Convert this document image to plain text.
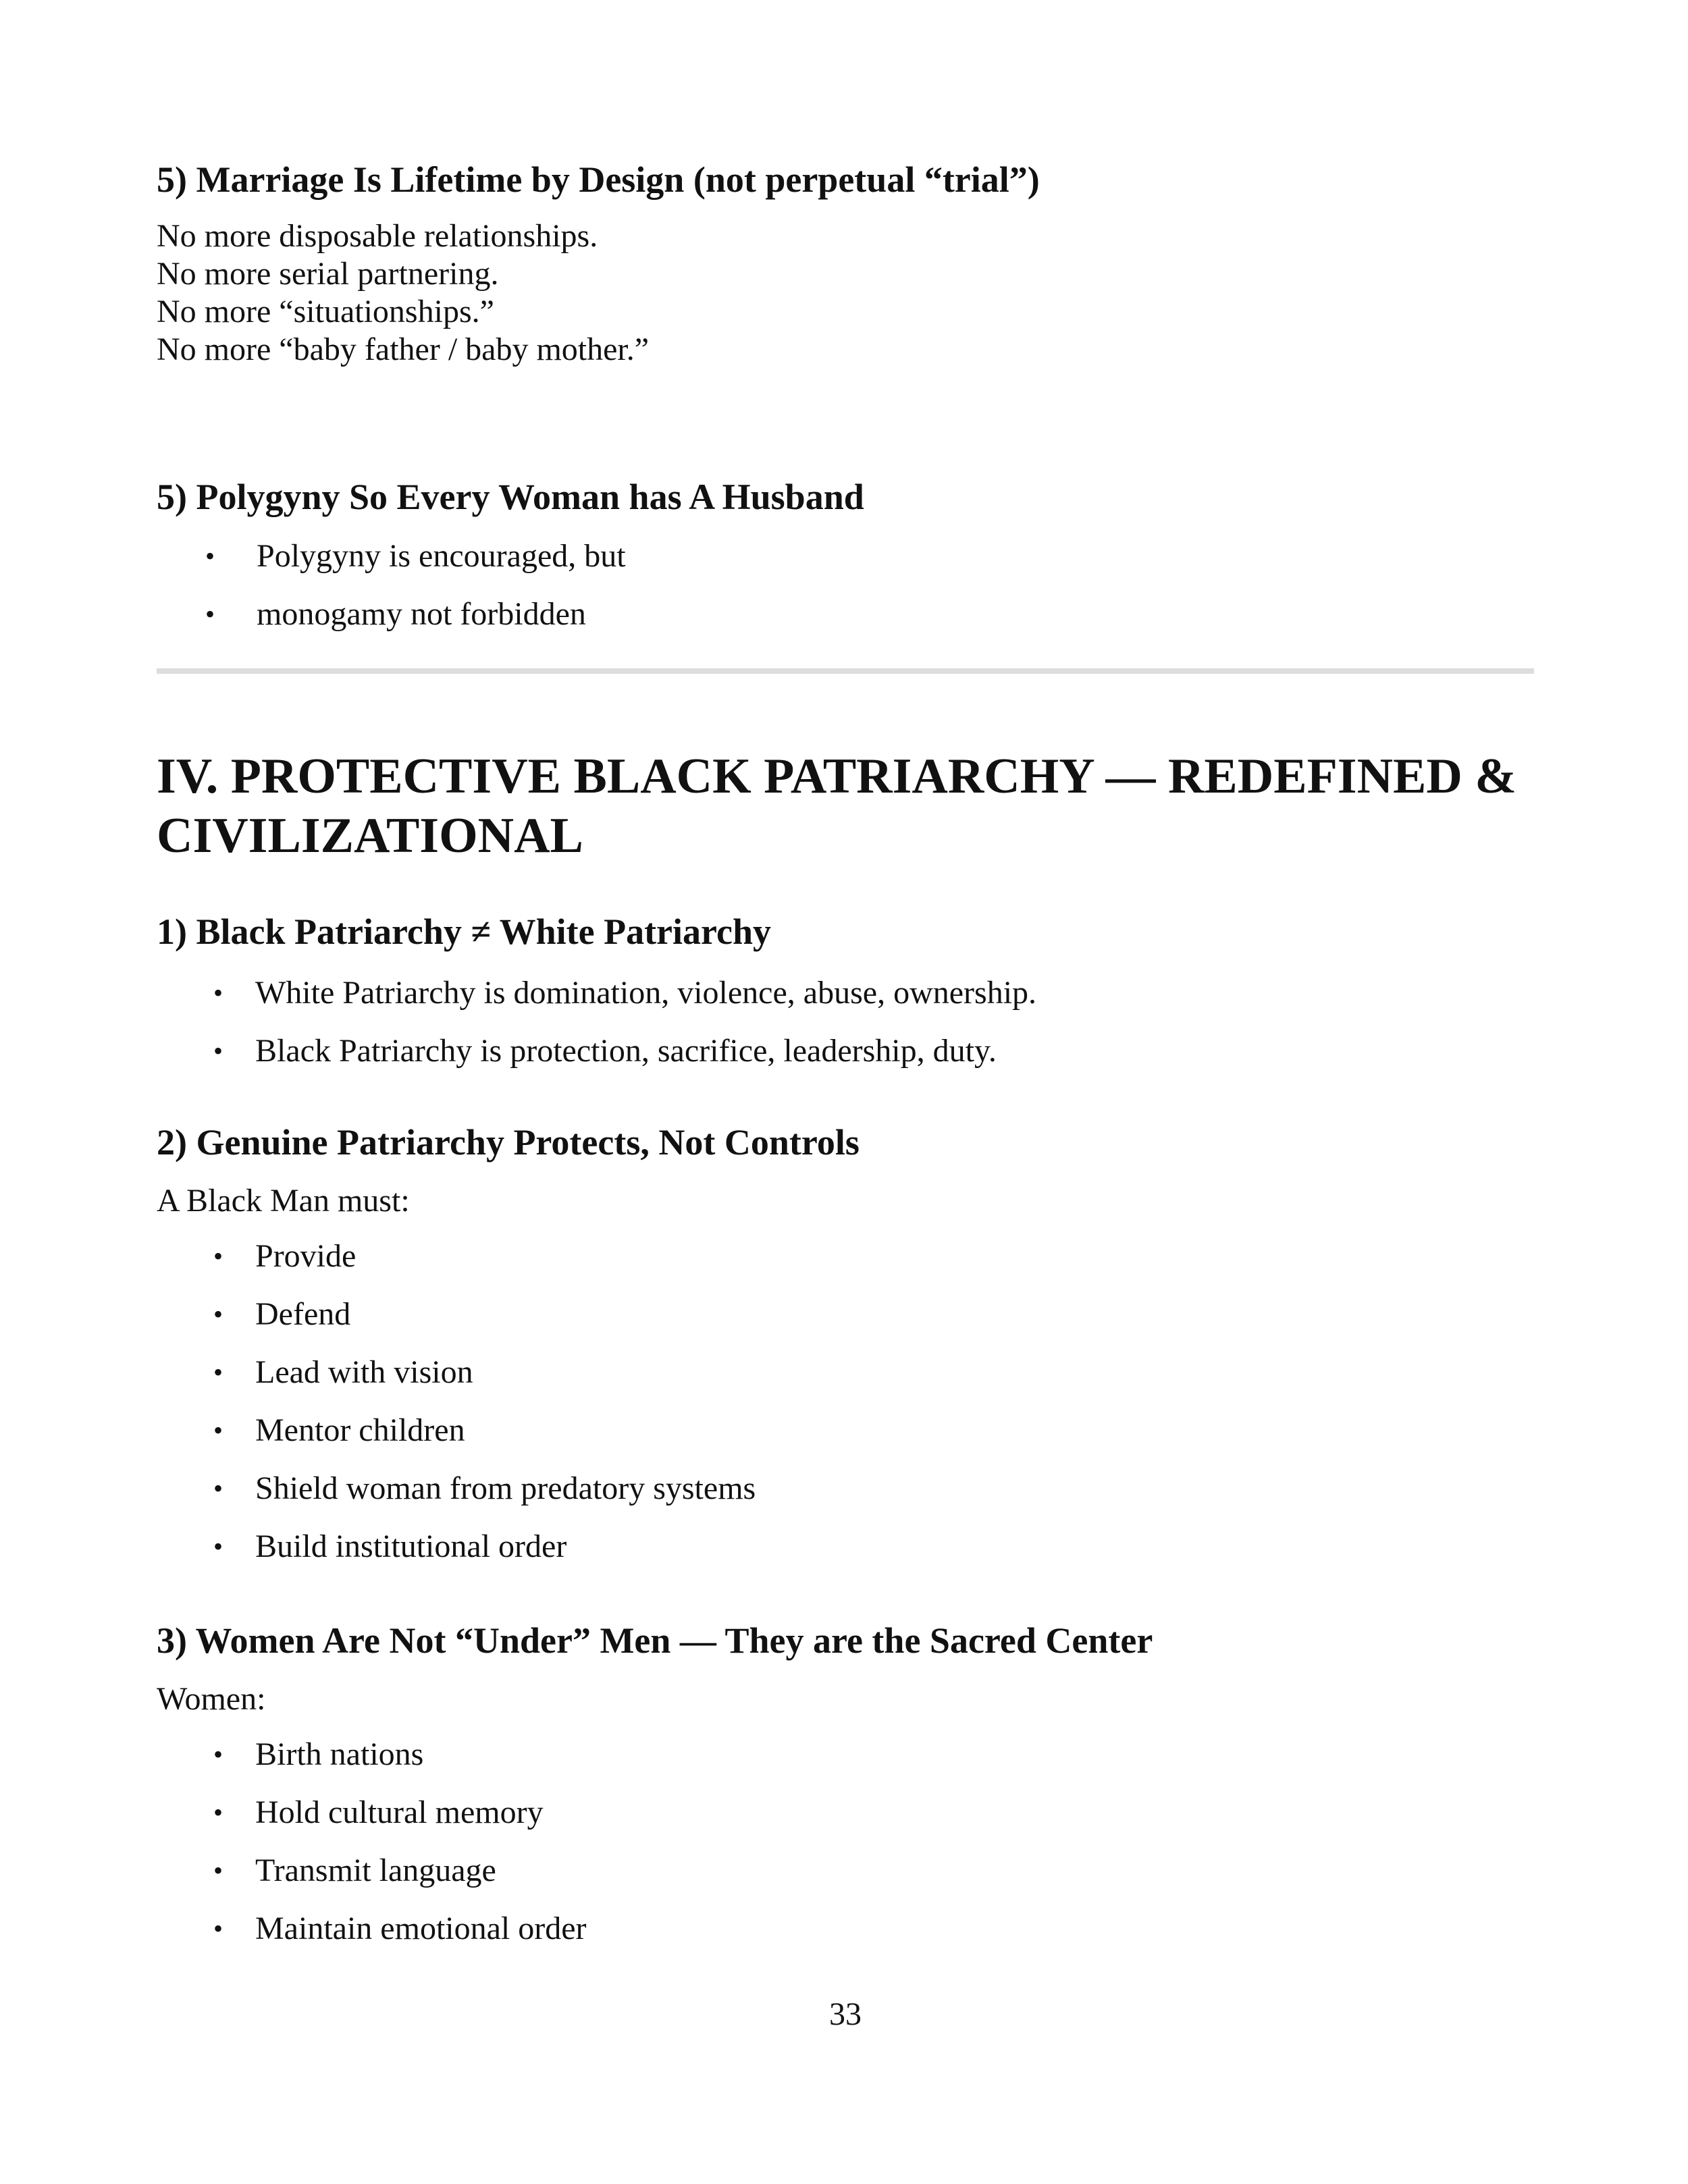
5) Marriage Is Lifetime by Design (not perpetual “trial”)
No more disposable relationships.
No more serial partnering.
No more “situationships.”
No more “baby father / baby mother.”
5) Polygyny So Every Woman has A Husband
• Polygyny is encouraged, but
• monogamy not forbidden
IV. PROTECTIVE BLACK PATRIARCHY — REDEFINED &
CIVILIZATIONAL
1) Black Patriarchy ≠ White Patriarchy
• White Patriarchy is domination, violence, abuse, ownership.
• Black Patriarchy is protection, sacrifice, leadership, duty.
2) Genuine Patriarchy Protects, Not Controls
A Black Man must:
• Provide
• Defend
• Lead with vision
• Mentor children
• Shield woman from predatory systems
• Build institutional order
3) Women Are Not “Under” Men — They are the Sacred Center
Women:
• Birth nations
• Hold cultural memory
• Transmit language
• Maintain emotional order
33
